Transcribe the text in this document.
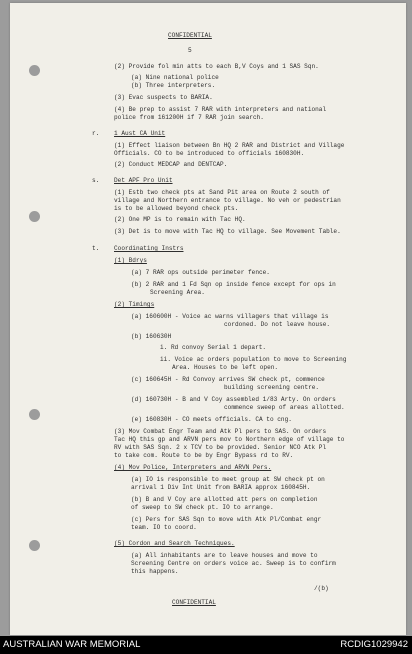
CONFIDENTIAL
5
(2) Provide fol min atts to each B,V Coys and 1 SAS Sqn.
(a) Nine national police
(b) Three interpreters.
(3) Evac suspects to BARIA.
(4) Be prep to assist 7 RAR with interpreters and national
police from 161200H if 7 RAR join search.
r. 1 Aust CA Unit
(1) Effect liaison between Bn HQ 2 RAR and District and Village
Officials. CO to be introduced to officials 160830H.
(2) Conduct MEDCAP and DENTCAP.
s. Det APF Pro Unit
(1) Estb two check pts at Sand Pit area on Route 2 south of
village and Northern entrance to village. No veh or pedestrian
is to be allowed beyond check pts.
(2) One MP is to remain with Tac HQ.
(3) Det is to move with Tac HQ to village. See Movement Table.
t. Coordinating Instrs
(1) Bdrys
(a) 7 RAR ops outside perimeter fence.
(b) 2 RAR and 1 Fd Sqn op inside fence except for ops in
Screening Area.
(2) Timings
(a) 160600H - Voice ac warns villagers that village is
cordoned. Do not leave house.
(b) 160630H
i. Rd convoy Serial 1 depart.
ii. Voice ac orders population to move to Screening
Area. Houses to be left open.
(c) 160645H - Rd Convoy arrives SW check pt, commence
building screening centre.
(d) 160730H - B and V Coy assembled 1/83 Arty. On orders
commence sweep of areas allotted.
(e) 160830H - CO meets officials. CA to cng.
(3) Mov Combat Engr Team and Atk Pl pers to SAS. On orders
Tac HQ this gp and ARVN pers mov to Northern edge of village to
RV with SAS Sqn. 2 x TCV to be provided. Senior NCO Atk Pl
to take com. Route to be by Engr Bypass rd to RV.
(4) Mov Police, Interpreters and ARVN Pers.
(a) IO is responsible to meet group at SW check pt on
arrival 1 Div Int Unit from BARIA approx 160845H.
(b) B and V Coy are allotted att pers on completion
of sweep to SW check pt. IO to arrange.
(c) Pers for SAS Sqn to move with Atk Pl/Combat engr
team. IO to coord.
(5) Cordon and Search Techniques.
(a) All inhabitants are to leave houses and move to
Screening Centre on orders voice ac. Sweep is to confirm
this happens.
/(b)
CONFIDENTIAL
AUSTRALIAN WAR MEMORIAL	RCDIG1029942
